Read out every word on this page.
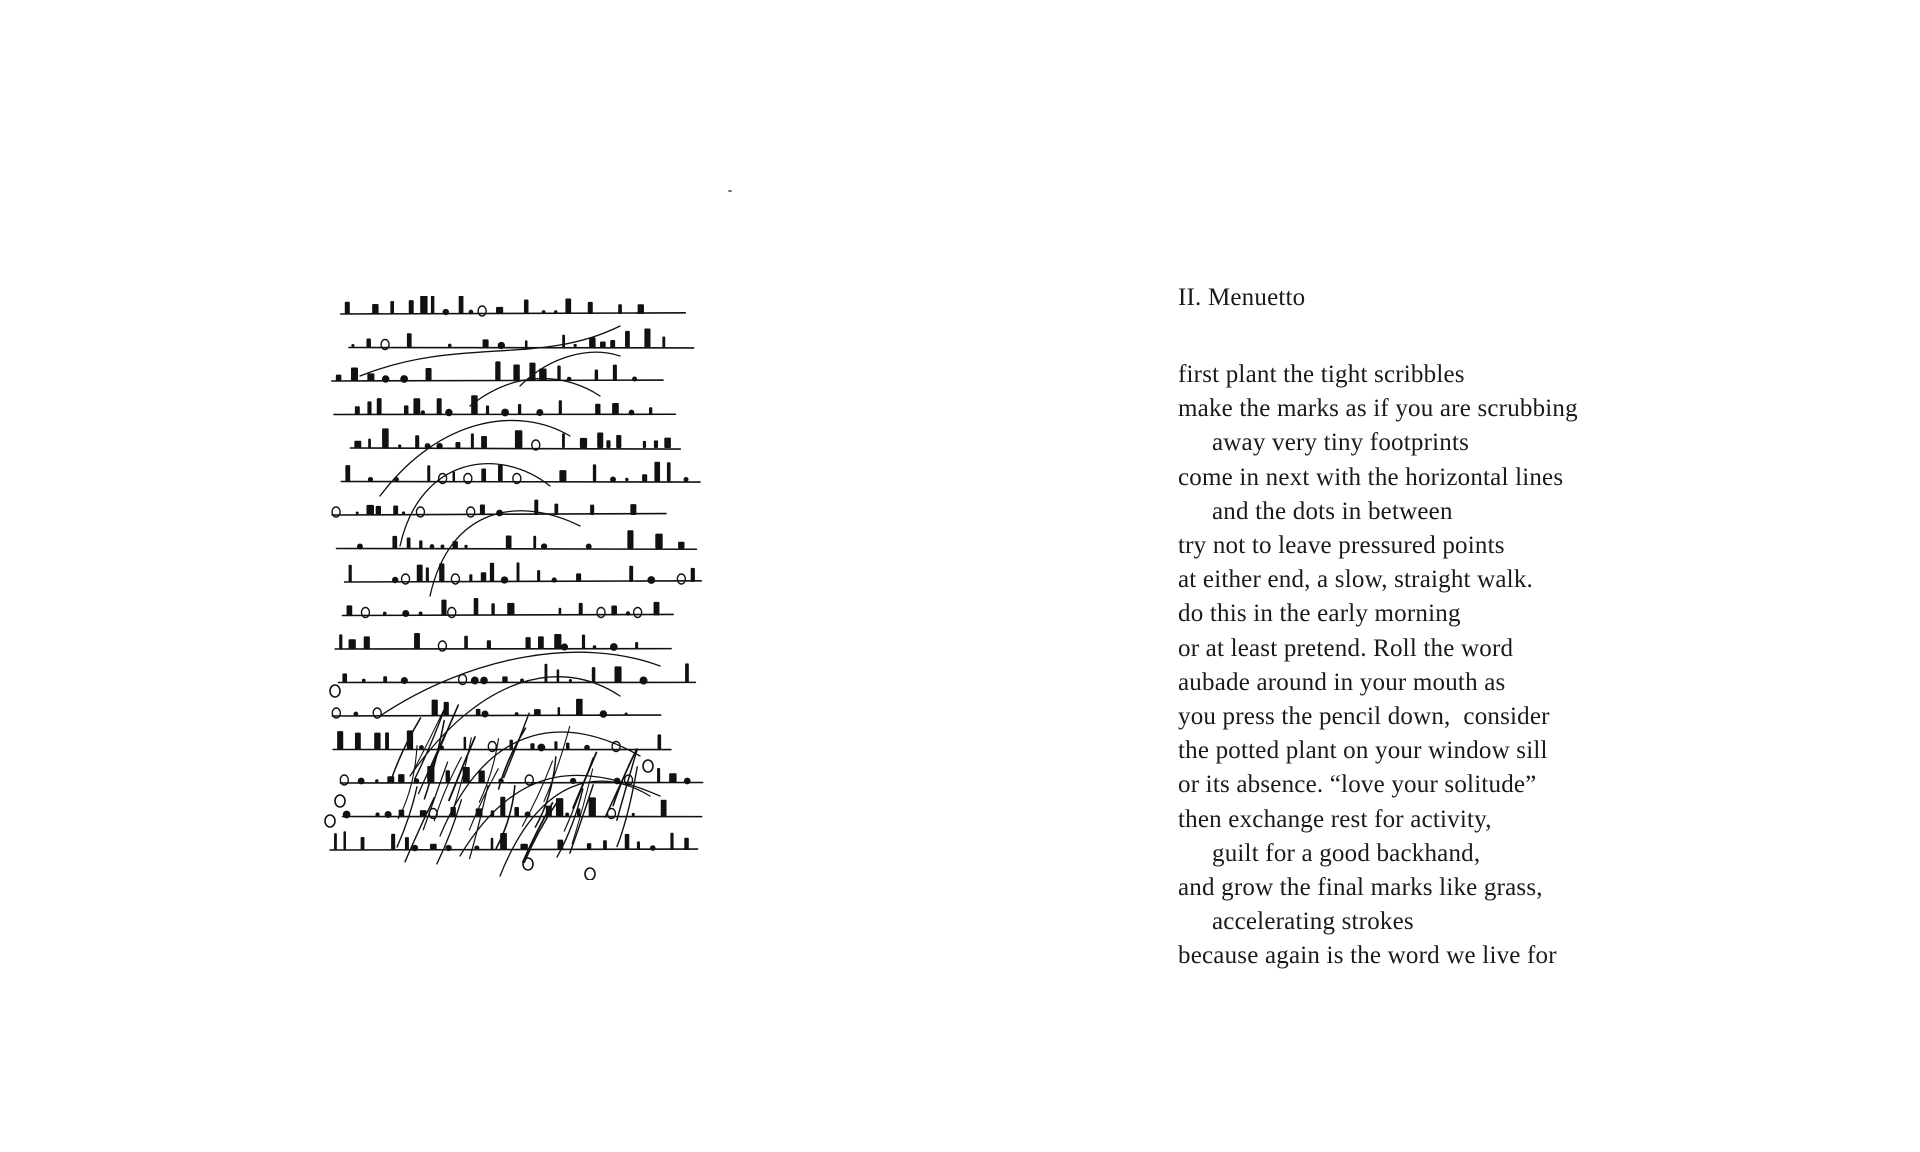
II. Menuetto
first plant the tight scribbles
make the marks as if you are scrubbing
away very tiny footprints
come in next with the horizontal lines
and the dots in between
try not to leave pressured points
at either end, a slow, straight walk.
do this in the early morning
or at least pretend. Roll the word
aubade around in your mouth as
you press the pencil down,  consider
the potted plant on your window sill
or its absence. “love your solitude”
then exchange rest for activity,
guilt for a good backhand,
and grow the final marks like grass,
accelerating strokes
because again is the word we live for
